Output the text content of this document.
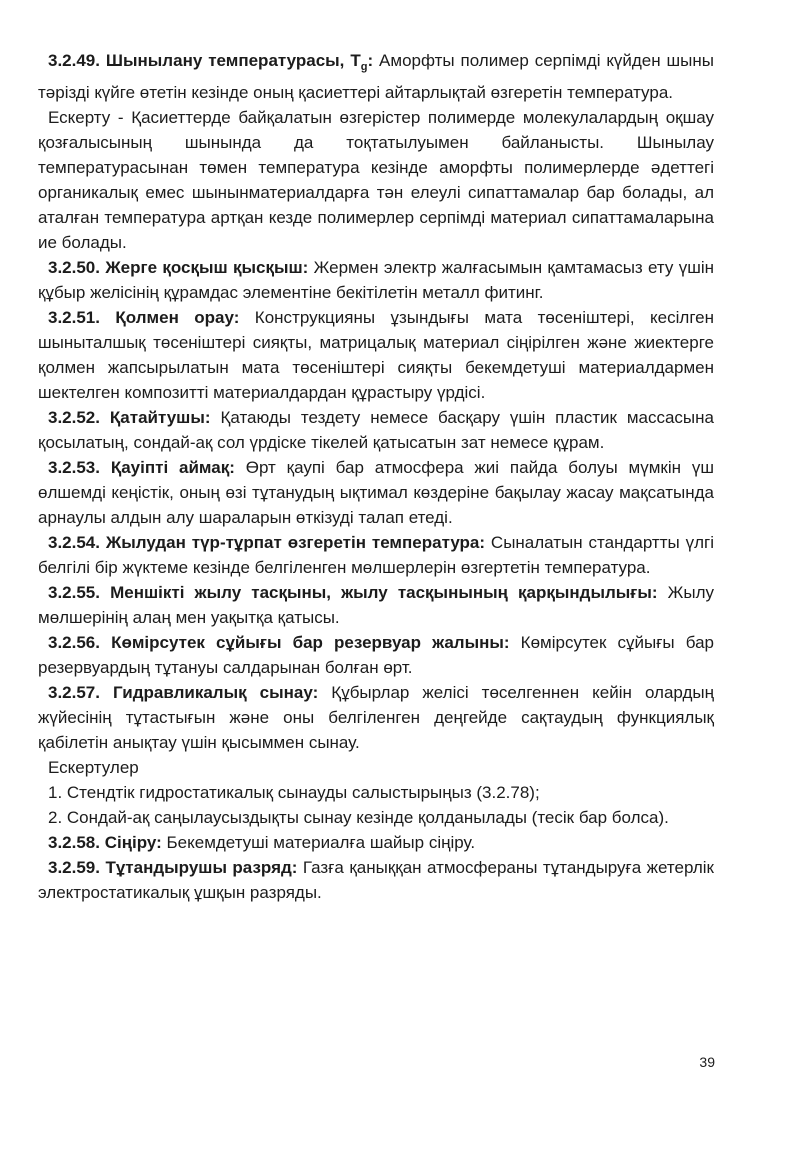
3.2.49. Шынылану температурасы, $T_g$: Аморфты полимер серпімді күйден шыны тәрізді күйге өтетін кезінде оның қасиеттері айтарлықтай өзгеретін температура.

Ескерту - Қасиеттерде байқалатын өзгерістер полимерде молекулалардың оқшау қозғалысының шынында да тоқтатылуымен байланысты. Шынылау температурасынан төмен температура кезінде аморфты полимерлерде әдеттегі органикалық емес шынынматериалдарға тән елеулі сипаттамалар бар болады, ал аталған температура артқан кезде полимерлер серпімді материал сипаттамаларына ие болады.

3.2.50. Жерге қосқыш қысқыш: Жермен электр жалғасымын қамтамасыз ету үшін құбыр желісінің құрамдас элементіне бекітілетін металл фитинг.

3.2.51. Қолмен орау: Конструкцияны ұзындығы мата төсеніштері, кесілген шыныталшық төсеніштері сияқты, матрицалық материал сіңірілген және жиектерге қолмен жапсырылатын мата төсеніштері сияқты бекемдетуші материалдармен шектелген композитті материалдардан құрастыру үрдісі.

3.2.52. Қатайтушы: Қатаюды тездету немесе басқару үшін пластик массасына қосылатың, сондай-ақ сол үрдіске тікелей қатысатын зат немесе құрам.

3.2.53. Қауіпті аймақ: Өрт қаупі бар атмосфера жиі пайда болуы мүмкін үш өлшемді кеңістік, оның өзі тұтанудың ықтимал көздеріне бақылау жасау мақсатында арнаулы алдын алу шараларын өткізуді талап етеді.

3.2.54. Жылудан түр-тұрпат өзгеретін температура: Сыналатын стандартты үлгі белгілі бір жүктеме кезінде белгіленген мөлшерлерін өзгертетін температура.

3.2.55. Меншікті жылу тасқыны, жылу тасқынының қарқындылығы: Жылу мөлшерінің алаң мен уақытқа қатысы.

3.2.56. Көмірсутек сұйығы бар резервуар жалыны: Көмірсутек сұйығы бар резервуардың тұтануы салдарынан болған өрт.

3.2.57. Гидравликалық сынау: Құбырлар желісі төселгеннен кейін олардың жүйесінің тұтастығын және оны белгіленген деңгейде сақтаудың функциялық қабілетін анықтау үшін қысыммен сынау.

Ескертулер

1. Стендтік гидростатикалық сынауды салыстырыңыз (3.2.78);

2. Сондай-ақ саңылаусыздықты сынау кезінде қолданылады (тесік бар болса).

3.2.58. Сіңіру: Бекемдетуші материалға шайыр сіңіру.

3.2.59. Тұтандырушы разряд: Газға қаныққан атмосфераны тұтандыруға жетерлік электростатикалық ұшқын разряды.

39
